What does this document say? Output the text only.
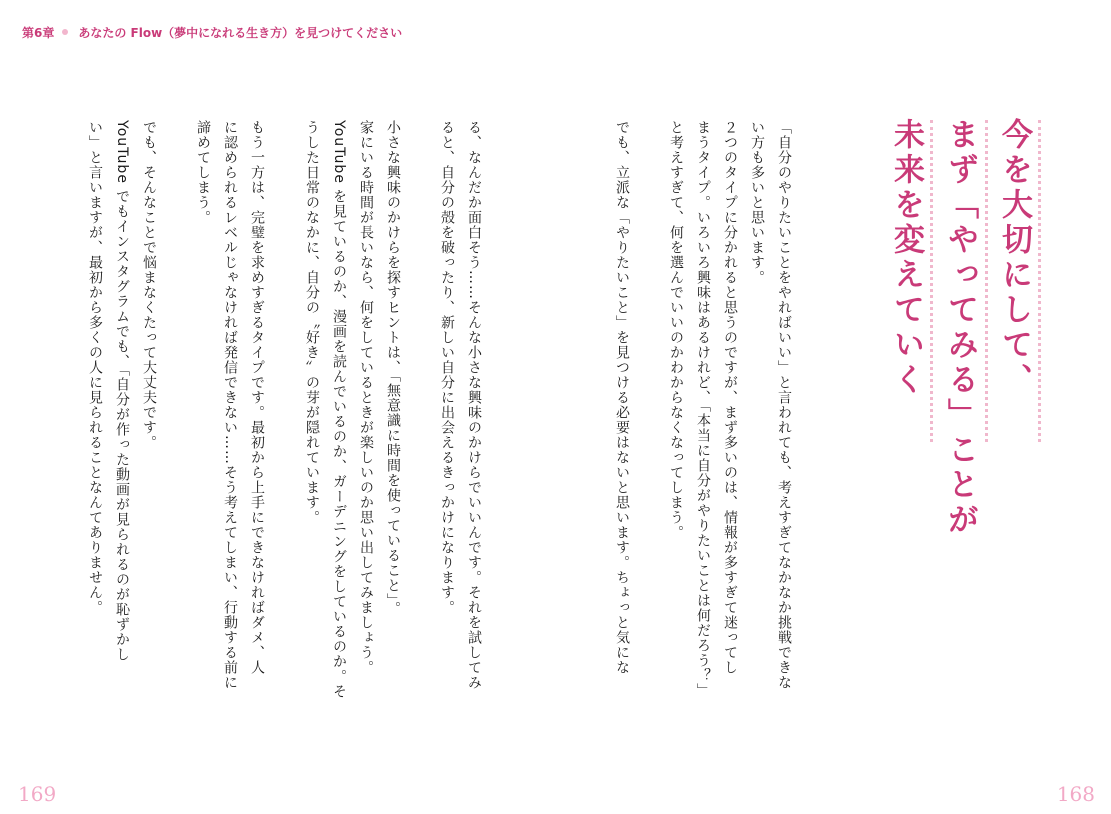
第6章 あなたの Flow（夢中になれる生き方）を見つけてください
今を大切にして、
まず「やってみる」ことが
未来を変えていく
「自分のやりたいことをやればいい」と言われても、考えすぎてなかなか挑戦できな
い方も多いと思います。
２つのタイプに分かれると思うのですが、まず多いのは、情報が多すぎて迷ってし
まうタイプ。いろいろ興味はあるけれど、「本当に自分がやりたいことは何だろう？」
と考えすぎて、何を選んでいいのかわからなくなってしまう。
でも、立派な「やりたいこと」を見つける必要はないと思います。ちょっと気にな
る、なんだか面白そう……そんな小さな興味のかけらでいいんです。それを試してみ
ると、自分の殻を破ったり、新しい自分に出会えるきっかけになります。
小さな興味のかけらを探すヒントは、「無意識に時間を使っていること」。
家にいる時間が長いなら、何をしているときが楽しいのか思い出してみましょう。
YouTube を見ているのか、漫画を読んでいるのか、ガーデニングをしているのか。そ
うした日常のなかに、自分の〝好き〟の芽が隠れています。
もう一方は、完璧を求めすぎるタイプです。最初から上手にできなければダメ、人
に認められるレベルじゃなければ発信できない……そう考えてしまい、行動する前に
諦めてしまう。
でも、そんなことで悩まなくたって大丈夫です。
YouTube でもインスタグラムでも、「自分が作った動画が見られるのが恥ずかし
い」と言いますが、最初から多くの人に見られることなんてありません。
169	168
